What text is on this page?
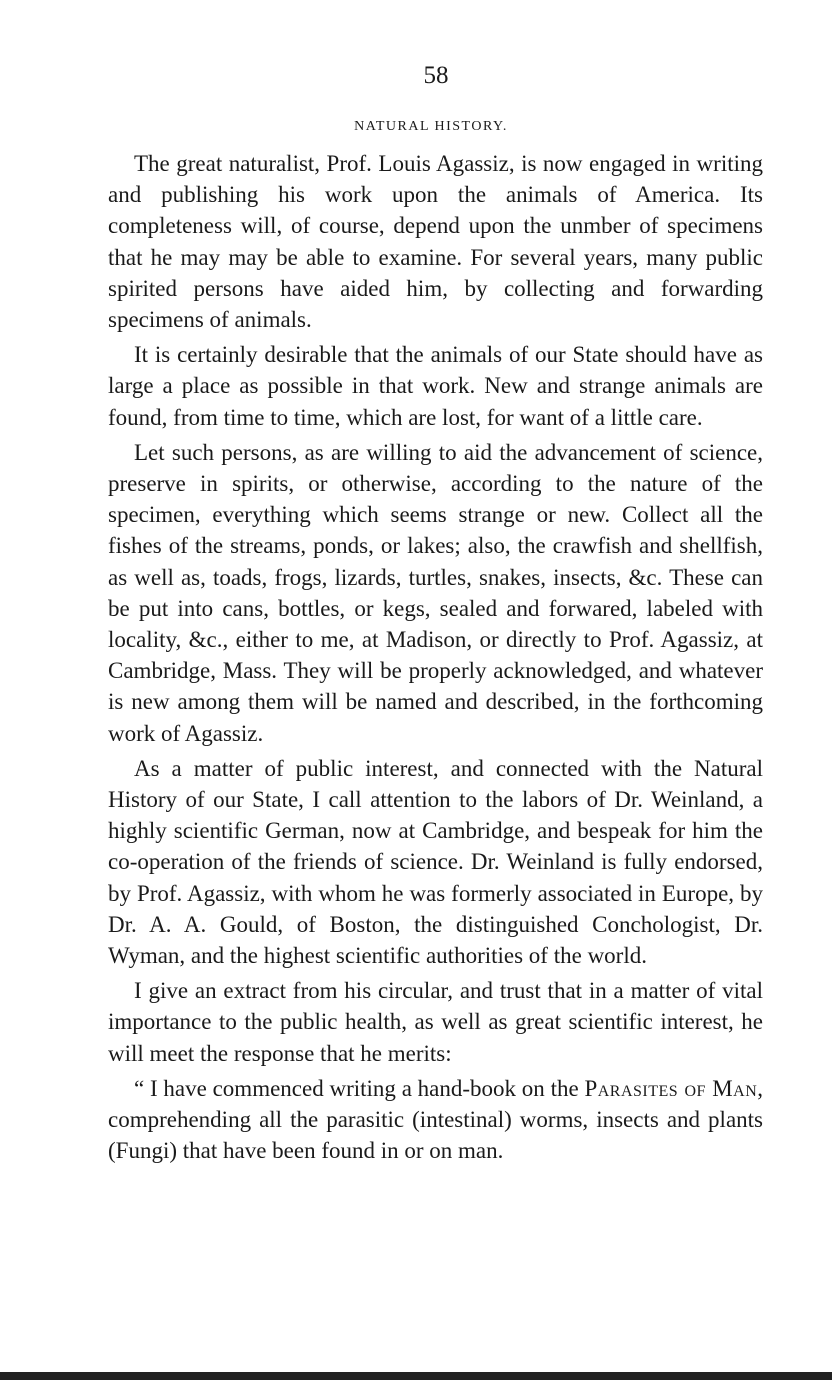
58
NATURAL HISTORY.

The great naturalist, Prof. Louis Agassiz, is now engaged in writing and publishing his work upon the animals of America. Its completeness will, of course, depend upon the unmber of specimens that he may may be able to examine. For several years, many public spirited persons have aided him, by collecting and forwarding specimens of animals.

It is certainly desirable that the animals of our State should have as large a place as possible in that work. New and strange animals are found, from time to time, which are lost, for want of a little care.

Let such persons, as are willing to aid the advancement of science, preserve in spirits, or otherwise, according to the nature of the specimen, everything which seems strange or new. Collect all the fishes of the streams, ponds, or lakes; also, the crawfish and shellfish, as well as, toads, frogs, lizards, turtles, snakes, insects, &c. These can be put into cans, bottles, or kegs, sealed and forwared, labeled with locality, &c., either to me, at Madison, or directly to Prof. Agassiz, at Cambridge, Mass. They will be properly acknowledged, and whatever is new among them will be named and described, in the forthcoming work of Agassiz.

As a matter of public interest, and connected with the Natural History of our State, I call attention to the labors of Dr. Weinland, a highly scientific German, now at Cambridge, and bespeak for him the co-operation of the friends of science. Dr. Weinland is fully endorsed, by Prof. Agassiz, with whom he was formerly associated in Europe, by Dr. A. A. Gould, of Boston, the distinguished Conchologist, Dr. Wyman, and the highest scientific authorities of the world.

I give an extract from his circular, and trust that in a matter of vital importance to the public health, as well as great scientific interest, he will meet the response that he merits:

“ I have commenced writing a hand-book on the Parasites of Man, comprehending all the parasitic (intestinal) worms, insects and plants (Fungi) that have been found in or on man.
